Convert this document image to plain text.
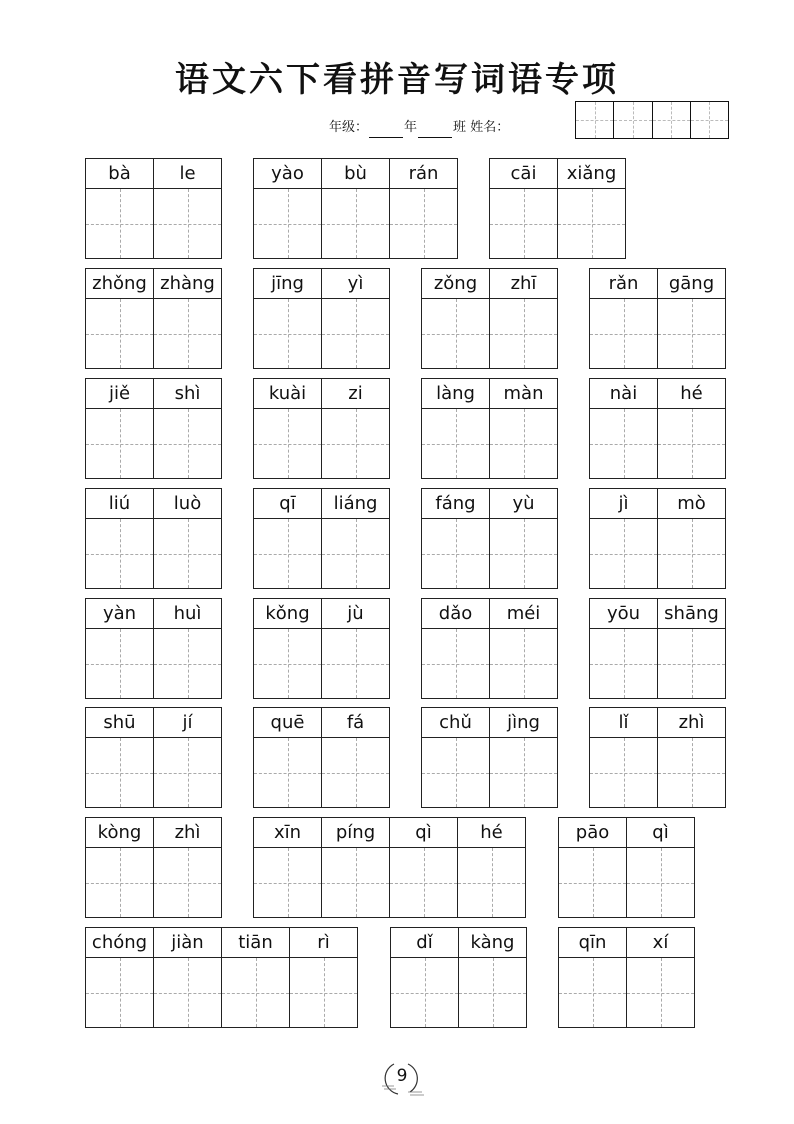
语文六下看拼音写词语专项
年级：	年	班 姓名：
bà	le	yào	bù	rán	cāi	xiǎng
zhǒng zhàng	jīng	yì	zǒng	zhī	rǎn	gāng
jiě	shì	kuài	zi	làng	màn	nài	hé
liú	luò	qī	liáng	fáng	yù	jì	mò
yàn	huì	kǒng	jù	dǎo	méi	yōu	shāng
shū	jí	quē	fá	chǔ	jìng	lǐ	zhì
kòng	zhì	xīn	píng	qì	hé	pāo	qì
chóng	jiàn	tiān	rì	dǐ	kàng	qīn	xí
9
